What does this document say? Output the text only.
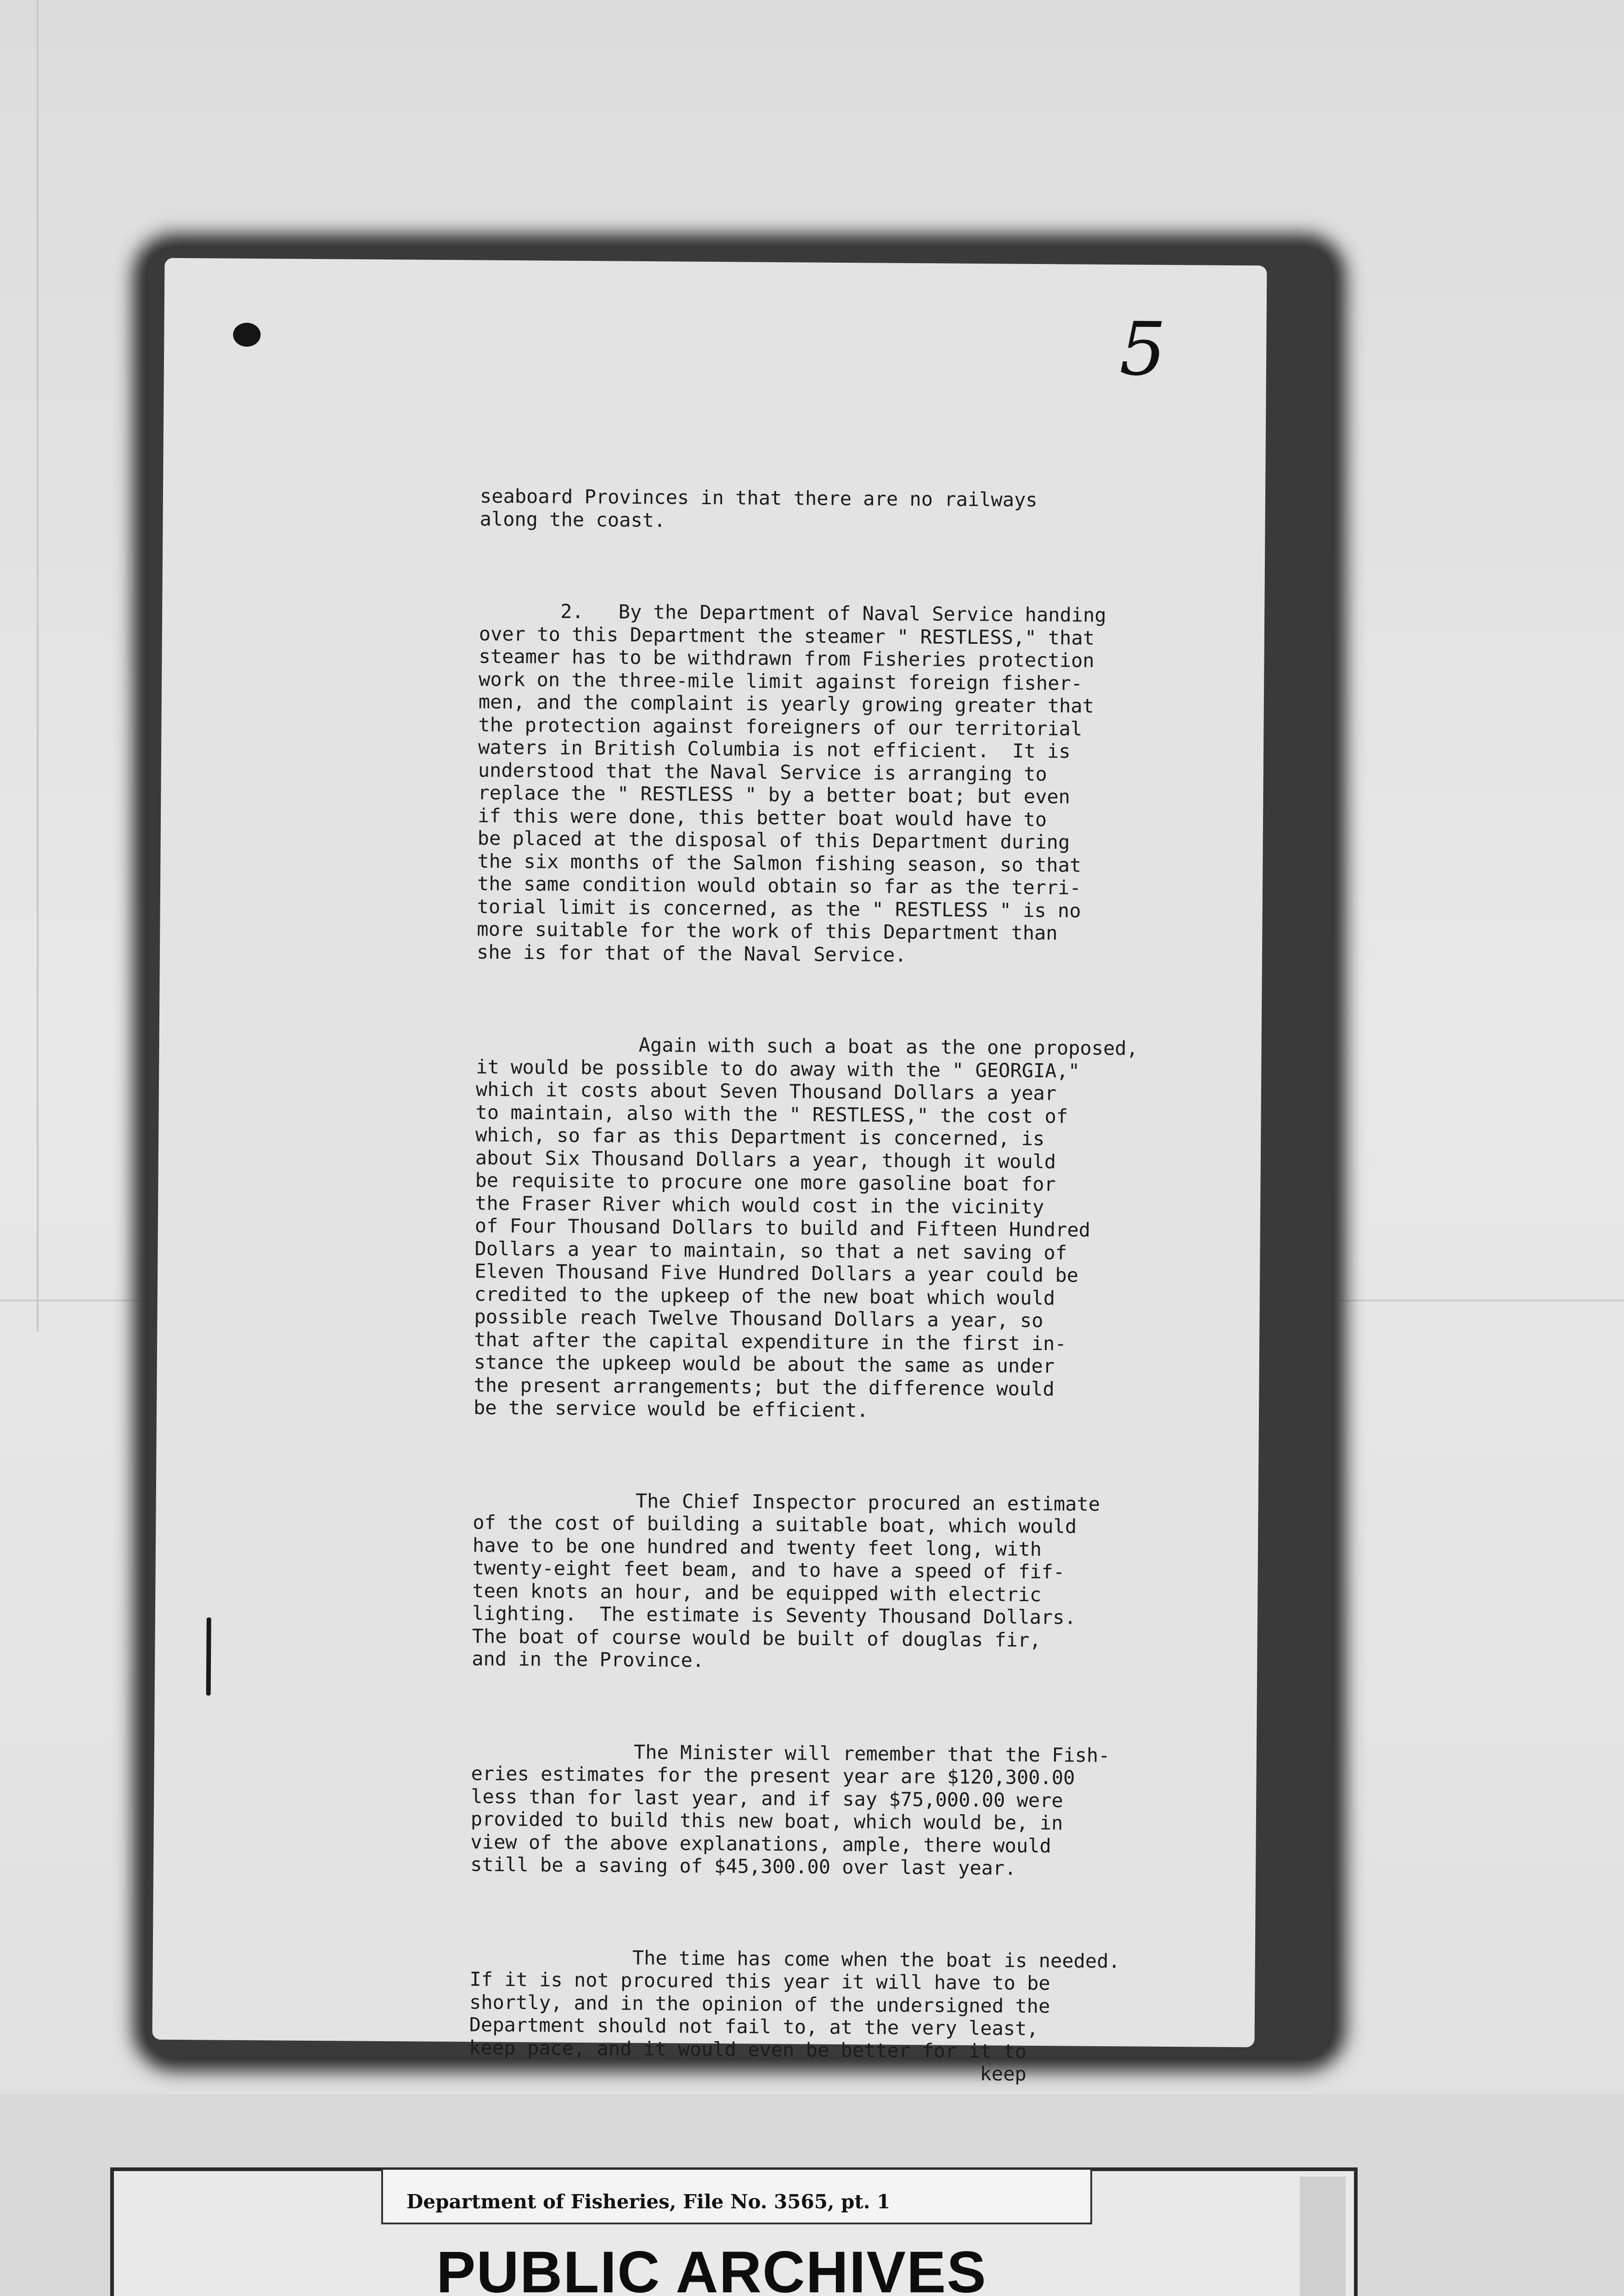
5

seaboard Provinces in that there are no railways
along the coast.

2.   By the Department of Naval Service handing
over to this Department the steamer " RESTLESS," that
steamer has to be withdrawn from Fisheries protection
work on the three-mile limit against foreign fisher-
men, and the complaint is yearly growing greater that
the protection against foreigners of our territorial
waters in British Columbia is not efficient.  It is
understood that the Naval Service is arranging to
replace the " RESTLESS " by a better boat; but even
if this were done, this better boat would have to
be placed at the disposal of this Department during
the six months of the Salmon fishing season, so that
the same condition would obtain so far as the terri-
torial limit is concerned, as the " RESTLESS " is no
more suitable for the work of this Department than
she is for that of the Naval Service.

Again with such a boat as the one proposed,
it would be possible to do away with the " GEORGIA,"
which it costs about Seven Thousand Dollars a year
to maintain, also with the " RESTLESS," the cost of
which, so far as this Department is concerned, is
about Six Thousand Dollars a year, though it would
be requisite to procure one more gasoline boat for
the Fraser River which would cost in the vicinity
of Four Thousand Dollars to build and Fifteen Hundred
Dollars a year to maintain, so that a net saving of
Eleven Thousand Five Hundred Dollars a year could be
credited to the upkeep of the new boat which would
possible reach Twelve Thousand Dollars a year, so
that after the capital expenditure in the first in-
stance the upkeep would be about the same as under
the present arrangements; but the difference would
be the service would be efficient.

The Chief Inspector procured an estimate
of the cost of building a suitable boat, which would
have to be one hundred and twenty feet long, with
twenty-eight feet beam, and to have a speed of fif-
teen knots an hour, and be equipped with electric
lighting.  The estimate is Seventy Thousand Dollars.
The boat of course would be built of douglas fir,
and in the Province.

The Minister will remember that the Fish-
eries estimates for the present year are $120,300.00
less than for last year, and if say $75,000.00 were
provided to build this new boat, which would be, in
view of the above explanations, ample, there would
still be a saving of $45,300.00 over last year.

The time has come when the boat is needed.
If it is not procured this year it will have to be
shortly, and in the opinion of the undersigned the
Department should not fail to, at the very least,
keep pace, and it would even be better for it to
keep

Department of Fisheries, File No. 3565, pt. 1
PUBLIC ARCHIVES
